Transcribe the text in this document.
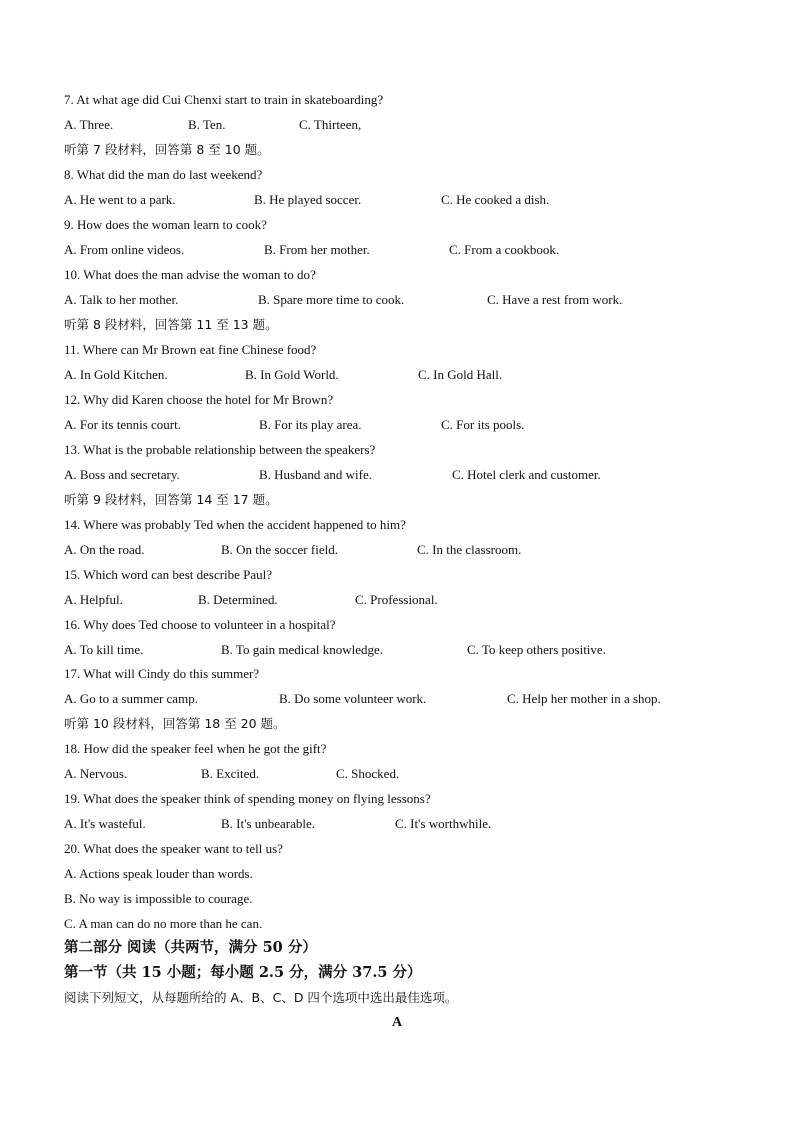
7. At what age did Cui Chenxi start to train in skateboarding?
A. Three.	B. Ten.	C. Thirteen,
听第 7 段材料，回答第 8 至 10 题。
8. What did the man do last weekend?
A. He went to a park.	B. He played soccer.	C. He cooked a dish.
9. How does the woman learn to cook?
A. From online videos.	B. From her mother.	C. From a cookbook.
10. What does the man advise the woman to do?
A. Talk to her mother.	B. Spare more time to cook.	C. Have a rest from work.
听第 8 段材料，回答第 11 至 13 题。
11. Where can Mr Brown eat fine Chinese food?
A. In Gold Kitchen.	B. In Gold World.	C. In Gold Hall.
12. Why did Karen choose the hotel for Mr Brown?
A. For its tennis court.	B. For its play area.	C. For its pools.
13. What is the probable relationship between the speakers?
A. Boss and secretary.	B. Husband and wife.	C. Hotel clerk and customer.
听第 9 段材料，回答第 14 至 17 题。
14. Where was probably Ted when the accident happened to him?
A. On the road.	B. On the soccer field.	C. In the classroom.
15. Which word can best describe Paul?
A. Helpful.	B. Determined.	C. Professional.
16. Why does Ted choose to volunteer in a hospital?
A. To kill time.	B. To gain medical knowledge.	C. To keep others positive.
17. What will Cindy do this summer?
A. Go to a summer camp.	B. Do some volunteer work.	C. Help her mother in a shop.
听第 10 段材料，回答第 18 至 20 题。
18. How did the speaker feel when he got the gift?
A. Nervous.	B. Excited.	C. Shocked.
19. What does the speaker think of spending money on flying lessons?
A. It's wasteful.	B. It's unbearable.	C. It's worthwhile.
20. What does the speaker want to tell us?
A. Actions speak louder than words.
B. No way is impossible to courage.
C. A man can do no more than he can.
第二部分 阅读（共两节，满分 50 分）
第一节（共 15 小题；每小题 2.5 分，满分 37.5 分）
阅读下列短文，从每题所给的 A、B、C、D 四个选项中选出最佳选项。
A
